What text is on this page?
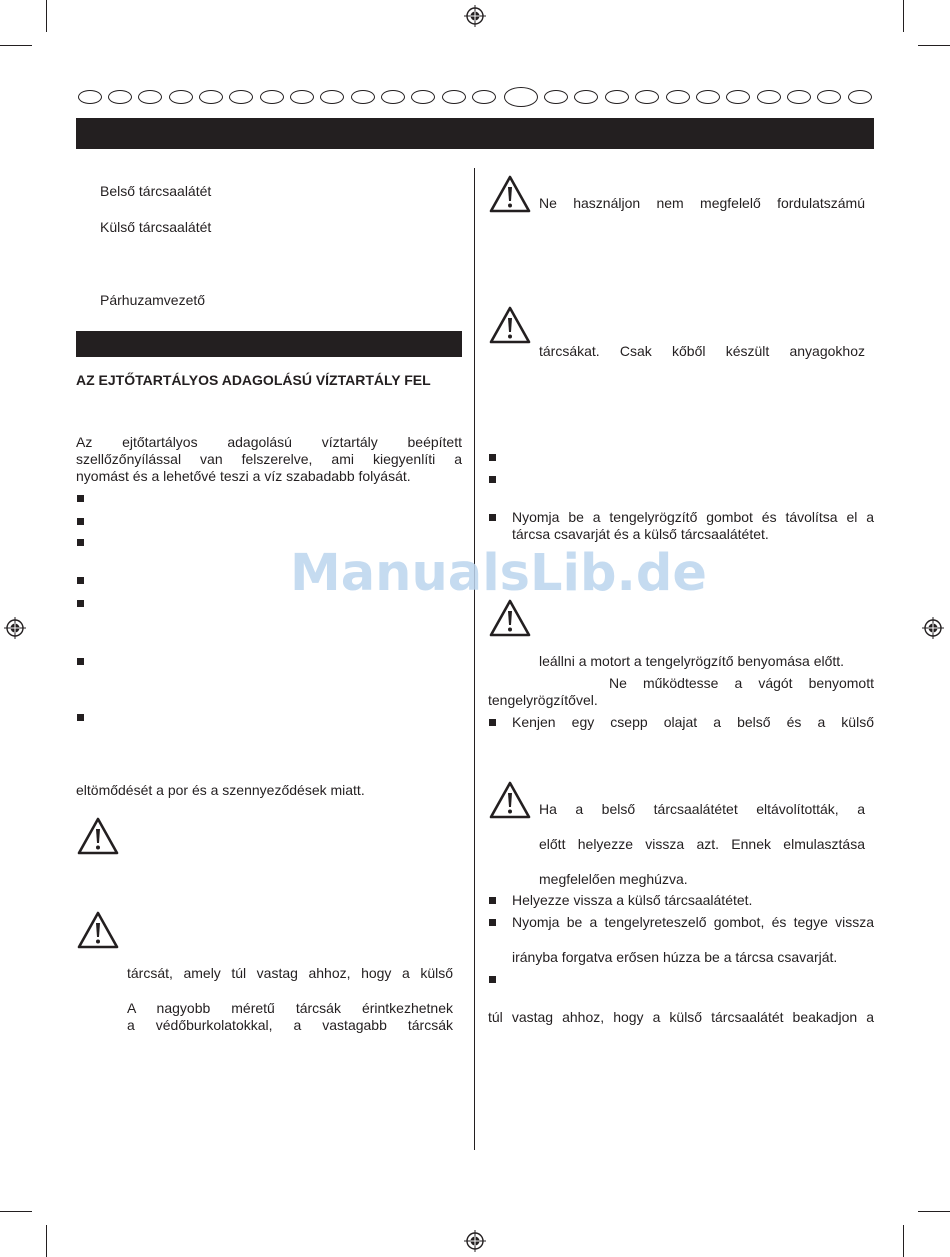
Belső tárcsaalátét
Külső tárcsaalátét
Párhuzamvezető
AZ EJTŐTARTÁLYOS ADAGOLÁSÚ VÍZTARTÁLY FEL
Az ejtőtartályos adagolású víztartály beépített
szellőzőnyílással van felszerelve, ami kiegyenlíti a
nyomást és a lehetővé teszi a víz szabadabb folyását.
eltömődését a por és a szennyeződések miatt.
tárcsát, amely túl vastag ahhoz, hogy a külső
A nagyobb méretű tárcsák érintkezhetnek
a védőburkolatokkal, a vastagabb tárcsák
Ne használjon nem megfelelő fordulatszámú
tárcsákat. Csak kőből készült anyagokhoz
Nyomja be a tengelyrögzítő gombot és távolítsa el a
tárcsa csavarját és a külső tárcsaalátétet.
leállni a motort a tengelyrögzítő benyomása előtt.
Ne működtesse a vágót benyomott
tengelyrögzítővel.
Kenjen egy csepp olajat a belső és a külső
Ha a belső tárcsaalátétet eltávolították, a
előtt helyezze vissza azt. Ennek elmulasztása
megfelelően meghúzva.
Helyezze vissza a külső tárcsaalátétet.
Nyomja be a tengelyreteszelő gombot, és tegye vissza
irányba forgatva erősen húzza be a tárcsa csavarját.
túl vastag ahhoz, hogy a külső tárcsaalátét beakadjon a
ManualsLib.de
